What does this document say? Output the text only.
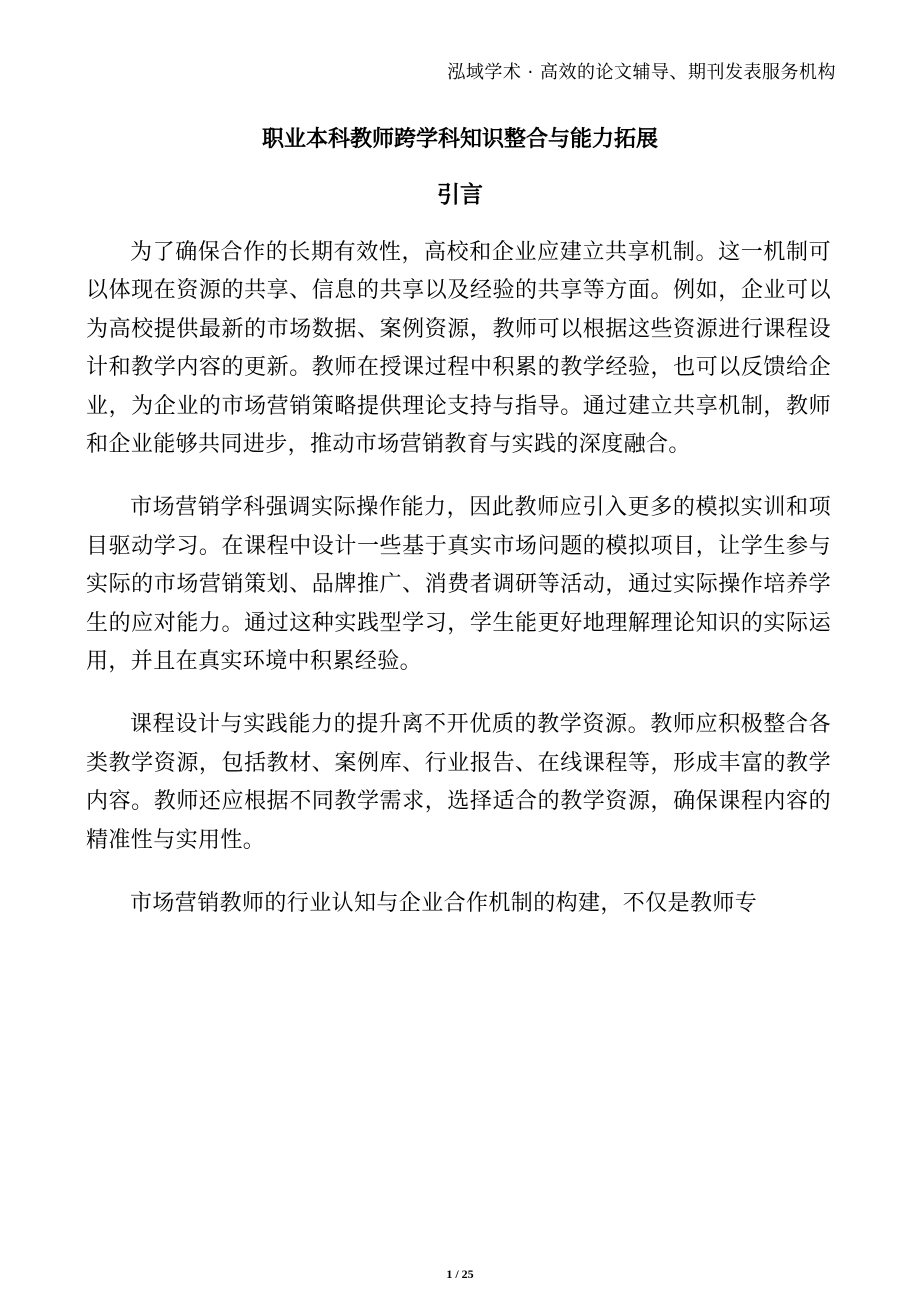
泓域学术 · 高效的论文辅导、期刊发表服务机构
职业本科教师跨学科知识整合与能力拓展
引言

为了确保合作的长期有效性，高校和企业应建立共享机制。这一机制可以体现在资源的共享、信息的共享以及经验的共享等方面。例如，企业可以为高校提供最新的市场数据、案例资源，教师可以根据这些资源进行课程设计和教学内容的更新。教师在授课过程中积累的教学经验，也可以反馈给企业，为企业的市场营销策略提供理论支持与指导。通过建立共享机制，教师和企业能够共同进步，推动市场营销教育与实践的深度融合。

市场营销学科强调实际操作能力，因此教师应引入更多的模拟实训和项目驱动学习。在课程中设计一些基于真实市场问题的模拟项目，让学生参与实际的市场营销策划、品牌推广、消费者调研等活动，通过实际操作培养学生的应对能力。通过这种实践型学习，学生能更好地理解理论知识的实际运用，并且在真实环境中积累经验。

课程设计与实践能力的提升离不开优质的教学资源。教师应积极整合各类教学资源，包括教材、案例库、行业报告、在线课程等，形成丰富的教学内容。教师还应根据不同教学需求，选择适合的教学资源，确保课程内容的精准性与实用性。

市场营销教师的行业认知与企业合作机制的构建，不仅是教师专

1 / 25
